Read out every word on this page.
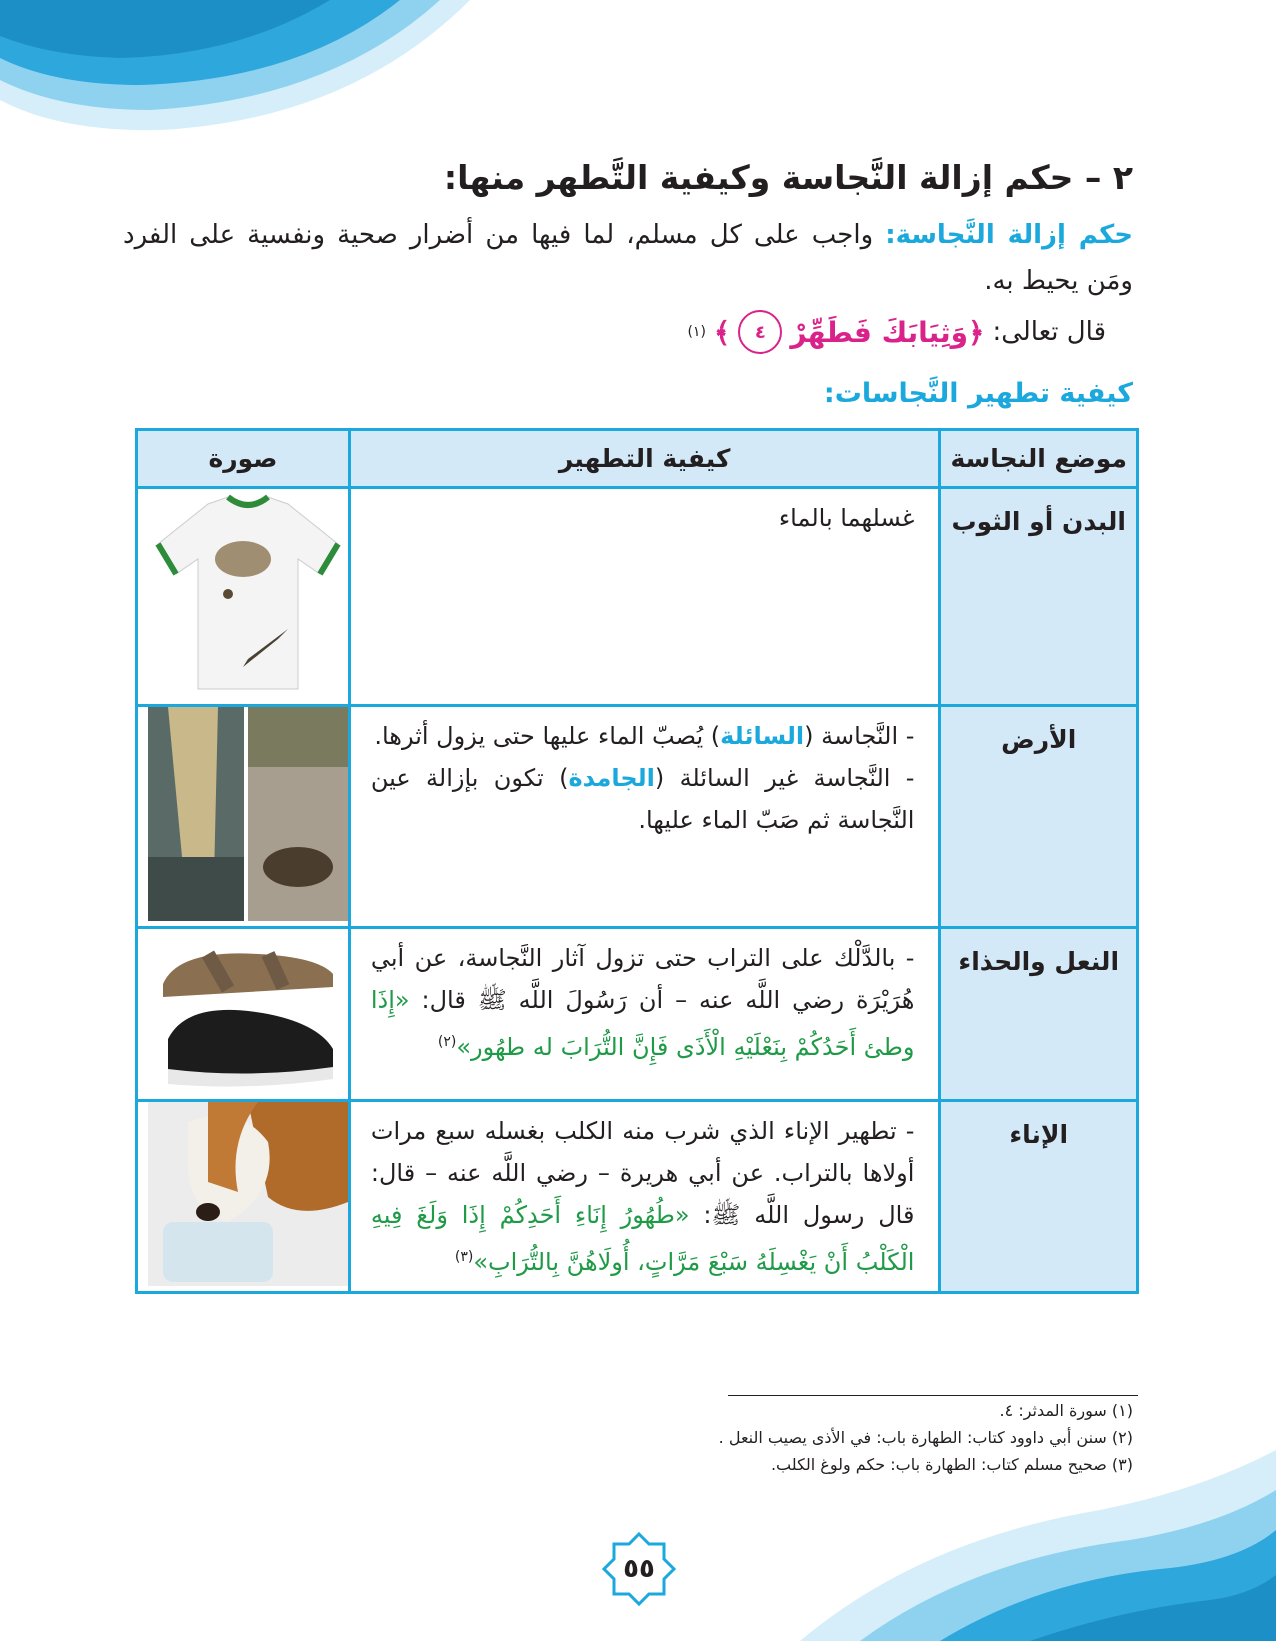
٢ – حكم إزالة النَّجاسة وكيفية التَّطهر منها:
حكم إزالة النَّجاسة: واجب على كل مسلم، لما فيها من أضرار صحية ونفسية على الفرد ومَن يحيط به.
قال تعالى:
﴿وَثِيَابَكَ فَطَهِّرْ
٤
﴾
(١)
كيفية تطهير النَّجاسات:
موضع النجاسة	كيفية التطهير	صورة
البدن أو الثوب	غسلهما بالماء	
الأرض	- النَّجاسة (السائلة) يُصبّ الماء عليها حتى يزول أثرها.
- النَّجاسة غير السائلة (الجامدة) تكون بإزالة عين النَّجاسة ثم صَبّ الماء عليها.

النعل والحذاء	- بالدَّلْك على التراب حتى تزول آثار النَّجاسة، عن أبي هُرَيْرَة رضي اللَّه عنه – أن رَسُولَ اللَّه ﷺ قال: «إِذَا وطئ أَحَدُكُمْ بِنَعْلَيْهِ الْأَذَى فَإِنَّ التُّرَابَ له طهُور»$^{(٢)}$	
الإناء	- تطهير الإناء الذي شرب منه الكلب بغسله سبع مرات أولاها بالتراب. عن أبي هريرة – رضي اللَّه عنه – قال: قال رسول اللَّه ﷺ: «طُهُورُ إِنَاءِ أَحَدِكُمْ إِذَا وَلَغَ فِيهِ الْكَلْبُ أَنْ يَغْسِلَهُ سَبْعَ مَرَّاتٍ، أُولَاهُنَّ بِالتُّرَابِ»$^{(٣)}$	
(١) سورة المدثر: ٤.
(٢) سنن أبي داوود كتاب: الطهارة باب: في الأذى يصيب النعل .
(٣) صحيح مسلم كتاب: الطهارة باب: حكم ولوغ الكلب.
٥٥
